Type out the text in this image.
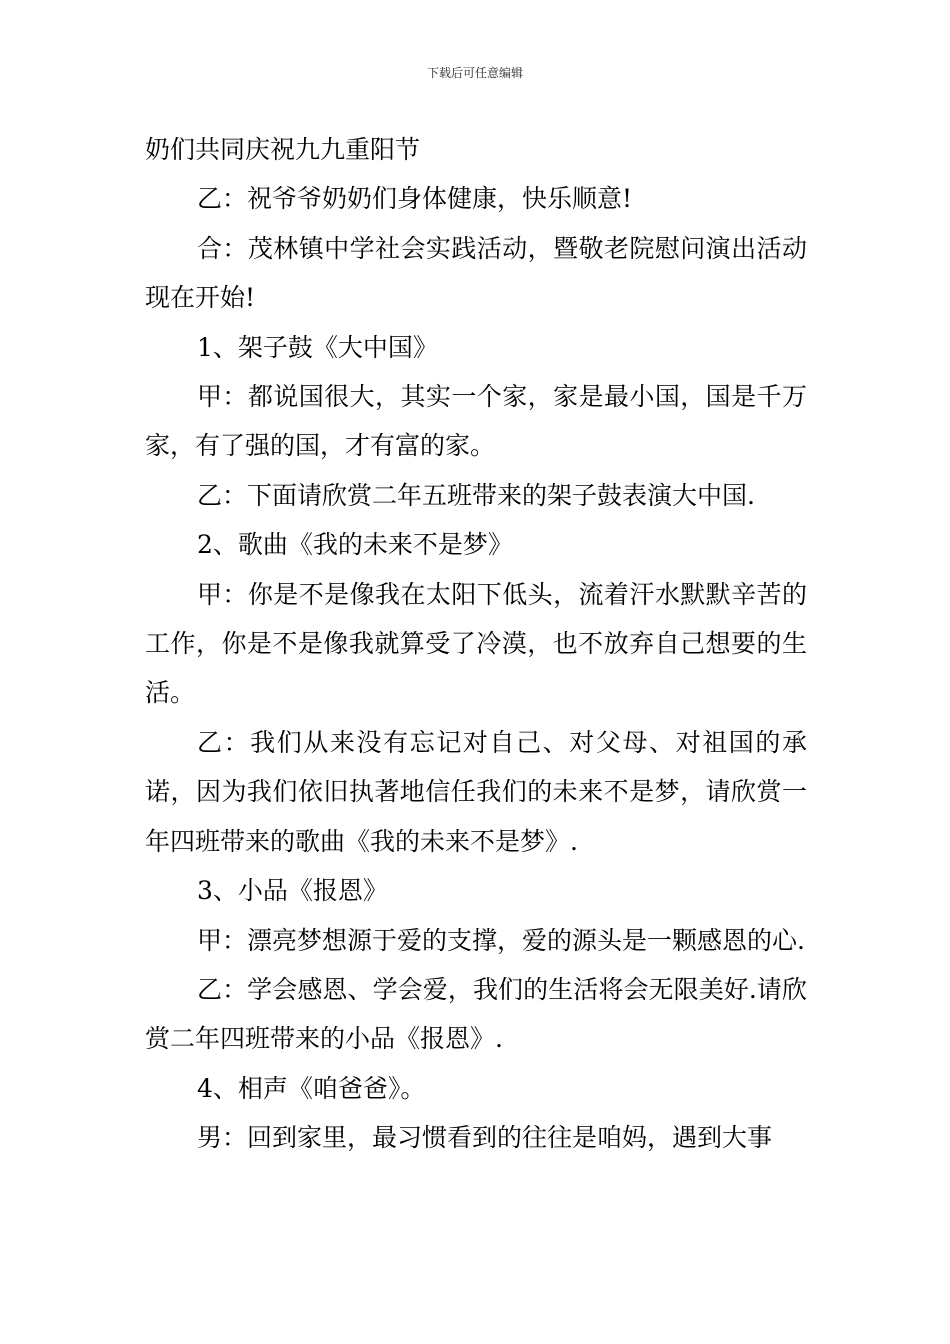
下载后可任意编辑

奶们共同庆祝九九重阳节

乙：祝爷爷奶奶们身体健康，快乐顺意!

合：茂林镇中学社会实践活动，暨敬老院慰问演出活动现在开始!

1、架子鼓《大中国》

甲：都说国很大，其实一个家，家是最小国，国是千万家，有了强的国，才有富的家。

乙：下面请欣赏二年五班带来的架子鼓表演大中国.

2、歌曲《我的未来不是梦》

甲：你是不是像我在太阳下低头，流着汗水默默辛苦的工作，你是不是像我就算受了冷漠，也不放弃自己想要的生活。

乙：我们从来没有忘记对自己、对父母、对祖国的承诺，因为我们依旧执著地信任我们的未来不是梦，请欣赏一年四班带来的歌曲《我的未来不是梦》.

3、小品《报恩》

甲：漂亮梦想源于爱的支撑，爱的源头是一颗感恩的心.

乙：学会感恩、学会爱，我们的生活将会无限美好.请欣赏二年四班带来的小品《报恩》.

4、相声《咱爸爸》。

男：回到家里，最习惯看到的往往是咱妈，遇到大事
